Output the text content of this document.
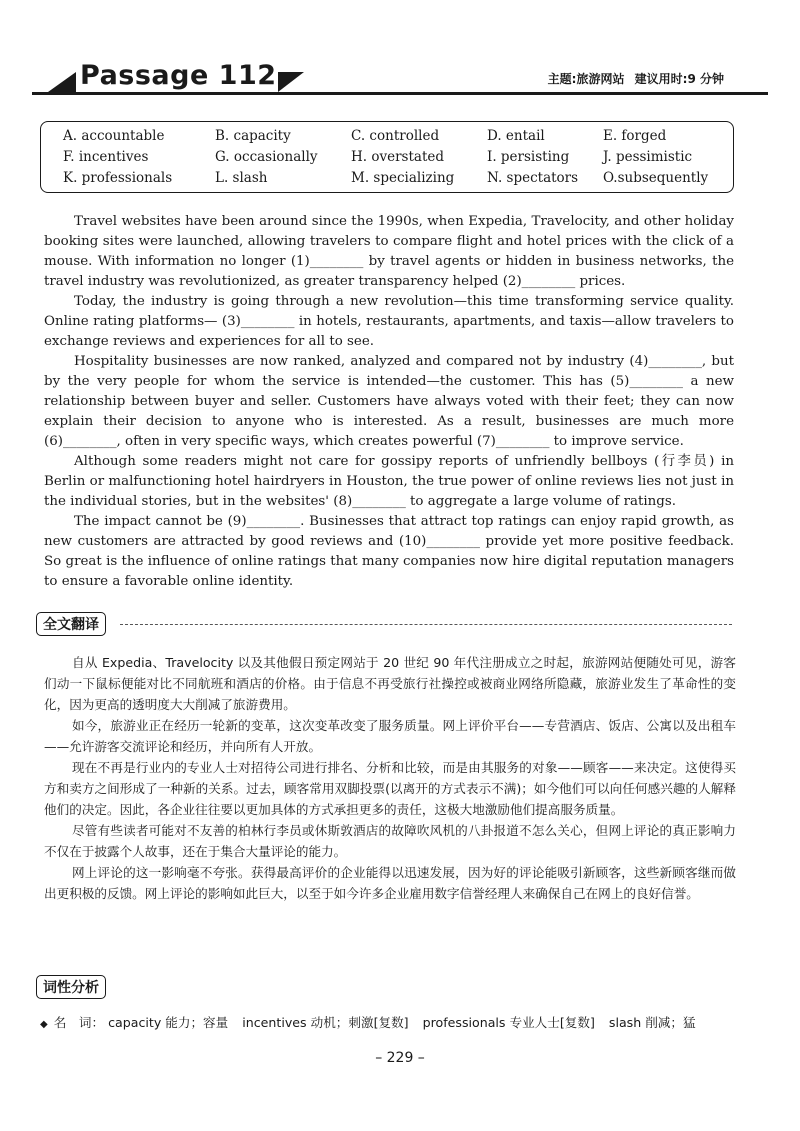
Passage 112	主题:旅游网站 建议用时:9 分钟
A. accountable	B. capacity	C. controlled	D. entail	E. forged
F. incentives	G. occasionally H. overstated	I. persisting J. pessimistic
K. professionals	L. slash	M. specializing N. spectators O.subsequently

Travel websites have been around since the 1990s, when Expedia, Travelocity, and other holiday booking sites were launched, allowing travelers to compare flight and hotel prices with the click of a mouse. With information no longer (1)________ by travel agents or hidden in business networks, the travel industry was revolutionized, as greater transparency helped (2)________ prices.

Today, the industry is going through a new revolution—this time transforming service quality. Online rating platforms— (3)________ in hotels, restaurants, apartments, and taxis—allow travelers to exchange reviews and experiences for all to see.

Hospitality businesses are now ranked, analyzed and compared not by industry (4)________, but by the very people for whom the service is intended—the customer. This has (5)________ a new relationship between buyer and seller. Customers have always voted with their feet; they can now explain their decision to anyone who is interested. As a result, businesses are much more (6)________, often in very specific ways, which creates powerful (7)________ to improve service.

Although some readers might not care for gossipy reports of unfriendly bellboys (行李员) in Berlin or malfunctioning hotel hairdryers in Houston, the true power of online reviews lies not just in the individual stories, but in the websites' (8)________ to aggregate a large volume of ratings.

The impact cannot be (9)________. Businesses that attract top ratings can enjoy rapid growth, as new customers are attracted by good reviews and (10)________ provide yet more positive feedback. So great is the influence of online ratings that many companies now hire digital reputation managers to ensure a favorable online identity.

全文翻译

自从 Expedia、Travelocity 以及其他假日预定网站于 20 世纪 90 年代注册成立之时起，旅游网站便随处可见，游客们动一下鼠标便能对比不同航班和酒店的价格。由于信息不再受旅行社操控或被商业网络所隐藏，旅游业发生了革命性的变化，因为更高的透明度大大削减了旅游费用。

如今，旅游业正在经历一轮新的变革，这次变革改变了服务质量。网上评价平台——专营酒店、饭店、公寓以及出租车——允许游客交流评论和经历，并向所有人开放。

现在不再是行业内的专业人士对招待公司进行排名、分析和比较，而是由其服务的对象——顾客——来决定。这使得买方和卖方之间形成了一种新的关系。过去，顾客常用双脚投票(以离开的方式表示不满)；如今他们可以向任何感兴趣的人解释他们的决定。因此，各企业往往要以更加具体的方式承担更多的责任，这极大地激励他们提高服务质量。

尽管有些读者可能对不友善的柏林行李员或休斯敦酒店的故障吹风机的八卦报道不怎么关心，但网上评论的真正影响力不仅在于披露个人故事，还在于集合大量评论的能力。

网上评论的这一影响毫不夸张。获得最高评价的企业能得以迅速发展，因为好的评论能吸引新顾客，这些新顾客继而做出更积极的反馈。网上评论的影响如此巨大，以至于如今许多企业雇用数字信誉经理人来确保自己在网上的良好信誉。

词性分析
◆ 名　词： capacity 能力；容量 incentives 动机；刺激[复数] professionals 专业人士[复数] slash 削减；猛
– 229 –
